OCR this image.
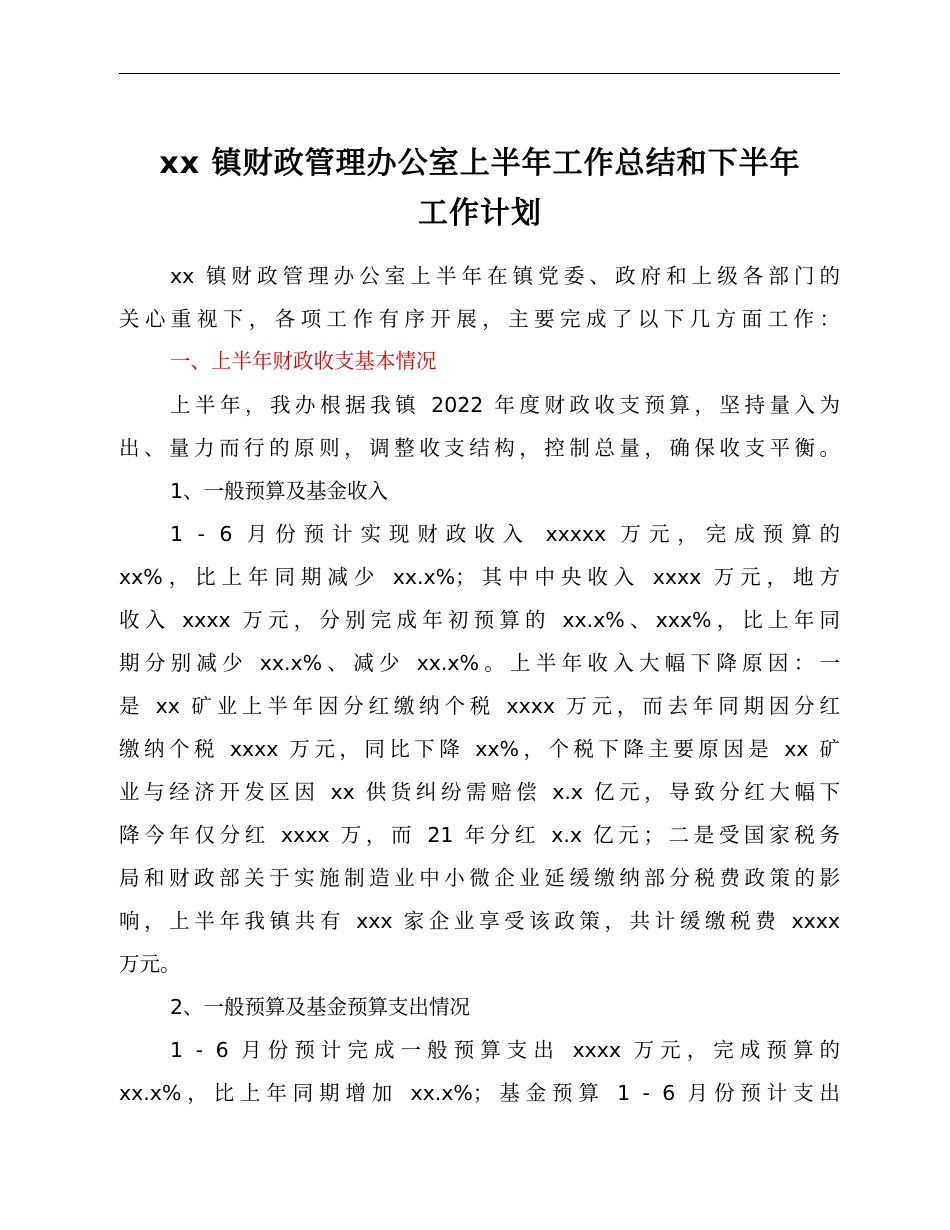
xx 镇财政管理办公室上半年工作总结和下半年
工作计划
xx 镇财政管理办公室上半年在镇党委、政府和上级各部门的
关心重视下，各项工作有序开展，主要完成了以下几方面工作：
一、上半年财政收支基本情况
上半年，我办根据我镇 2022 年度财政收支预算，坚持量入为
出、量力而行的原则，调整收支结构，控制总量，确保收支平衡。
1、一般预算及基金收入
1 - 6 月份预计实现财政收入 xxxxx 万元，完成预算的
xx%，比上年同期减少 xx.x%；其中中央收入 xxxx 万元，地方
收入 xxxx 万元，分别完成年初预算的 xx.x%、xxx%，比上年同
期分别减少 xx.x%、减少 xx.x%。上半年收入大幅下降原因：一
是 xx 矿业上半年因分红缴纳个税 xxxx 万元，而去年同期因分红
缴纳个税 xxxx 万元，同比下降 xx%，个税下降主要原因是 xx 矿
业与经济开发区因 xx 供货纠纷需赔偿 x.x 亿元，导致分红大幅下
降今年仅分红 xxxx 万，而 21 年分红 x.x 亿元；二是受国家税务
局和财政部关于实施制造业中小微企业延缓缴纳部分税费政策的影
响，上半年我镇共有 xxx 家企业享受该政策，共计缓缴税费 xxxx
万元。
2、一般预算及基金预算支出情况
1 - 6 月份预计完成一般预算支出 xxxx 万元，完成预算的
xx.x%，比上年同期增加 xx.x%；基金预算 1 - 6 月份预计支出
